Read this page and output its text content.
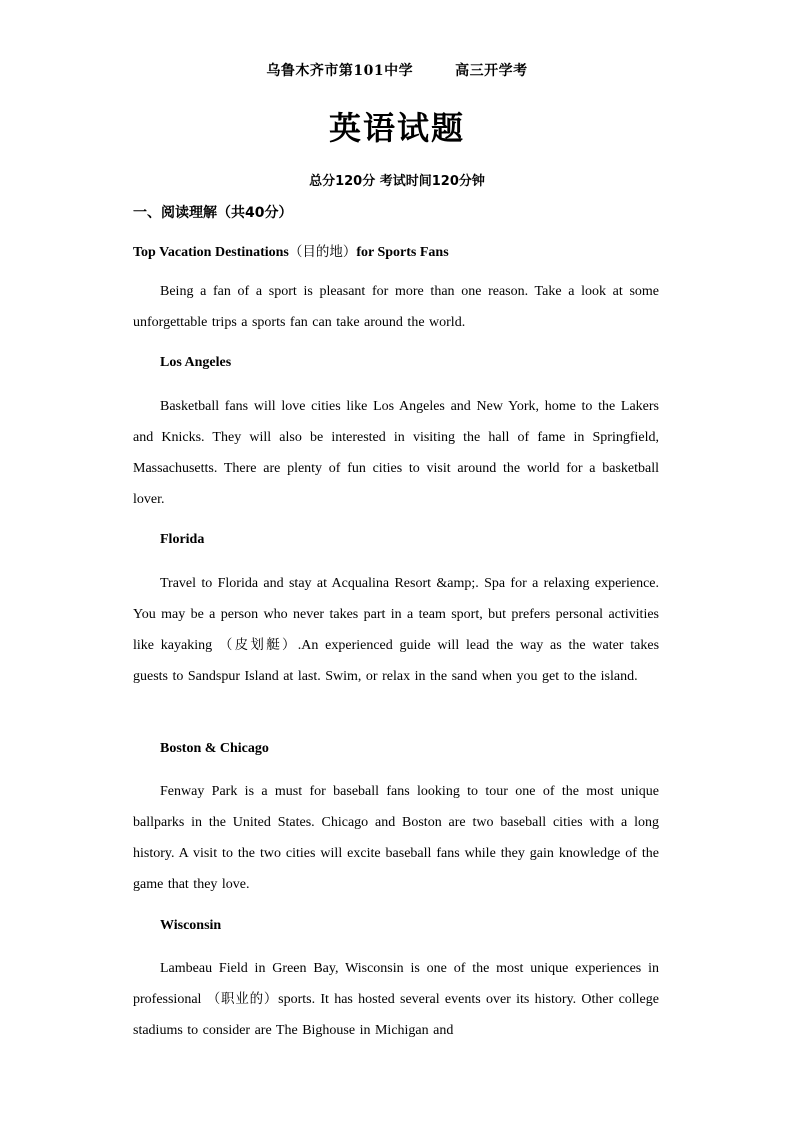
乌鲁木齐市第101中学	高三开学考
英语试题
总分120分 考试时间120分钟
一、阅读理解（共40分）
Top Vacation Destinations（目的地）for Sports Fans
Being a fan of a sport is pleasant for more than one reason. Take a look at some unforgettable trips a sports fan can take around the world.
Los Angeles
Basketball fans will love cities like Los Angeles and New York, home to the Lakers and Knicks. They will also be interested in visiting the hall of fame in Springfield, Massachusetts. There are plenty of fun cities to visit around the world for a basketball lover.
Florida
Travel to Florida and stay at Acqualina Resort &amp;. Spa for a relaxing experience. You may be a person who never takes part in a team sport, but prefers personal activities like kayaking （皮划艇）.An experienced guide will lead the way as the water takes guests to Sandspur Island at last. Swim, or relax in the sand when you get to the island.
Boston & Chicago
Fenway Park is a must for baseball fans looking to tour one of the most unique ballparks in the United States. Chicago and Boston are two baseball cities with a long history. A visit to the two cities will excite baseball fans while they gain knowledge of the game that they love.
Wisconsin
Lambeau Field in Green Bay, Wisconsin is one of the most unique experiences in professional （职业的）sports. It has hosted several events over its history. Other college stadiums to consider are The Bighouse in Michigan and
